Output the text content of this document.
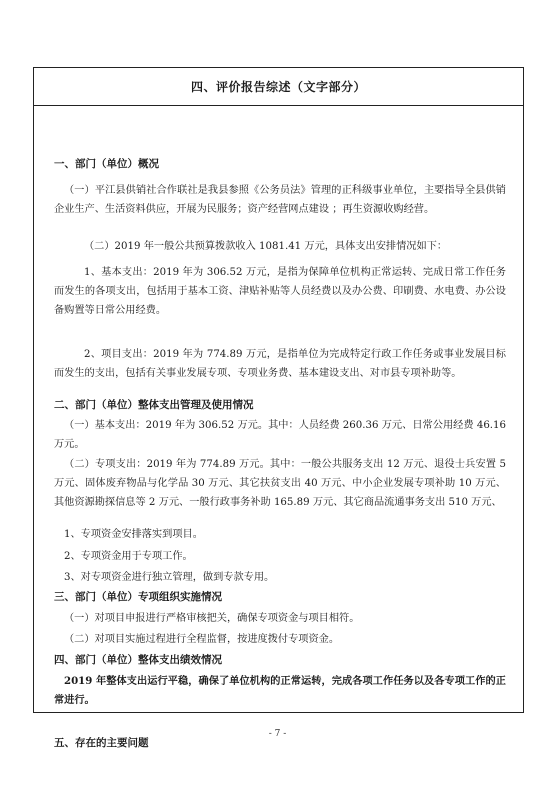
四、评价报告综述（文字部分）

一、部门（单位）概况

（一）平江县供销社合作联社是我县参照《公务员法》管理的正科级事业单位，主要指导全县供销企业生产、生活资料供应，开展为民服务；资产经营网点建设 ；再生资源收购经营。

（二）2019 年一般公共预算拨款收入 1081.41 万元，具体支出安排情况如下：

1、基本支出：2019 年为 306.52 万元，是指为保障单位机构正常运转、完成日常工作任务而发生的各项支出，包括用于基本工资、津贴补贴等人员经费以及办公费、印刷费、水电费、办公设备购置等日常公用经费。

2、项目支出：2019 年为 774.89 万元，是指单位为完成特定行政工作任务或事业发展目标而发生的支出，包括有关事业发展专项、专项业务费、基本建设支出、对市县专项补助等。

二、部门（单位）整体支出管理及使用情况

（一）基本支出：2019 年为 306.52 万元。其中：人员经费 260.36 万元、日常公用经费 46.16 万元。

（二）专项支出：2019 年为 774.89 万元。其中：一般公共服务支出 12 万元、退役士兵安置 5 万元、固体废弃物品与化学品 30 万元、其它扶贫支出 40 万元、中小企业发展专项补助 10 万元、其他资源勘探信息等 2 万元、一般行政事务补助 165.89 万元、其它商品流通事务支出 510 万元、

1、专项资金安排落实到项目。

2、专项资金用于专项工作。

3、对专项资金进行独立管理，做到专款专用。

三、部门（单位）专项组织实施情况

（一）对项目申报进行严格审核把关，确保专项资金与项目相符。

（二）对项目实施过程进行全程监督，按进度拨付专项资金。

四、部门（单位）整体支出绩效情况

2019 年整体支出运行平稳，确保了单位机构的正常运转，完成各项工作任务以及各专项工作的正常进行。

五、存在的主要问题

- 7 -
